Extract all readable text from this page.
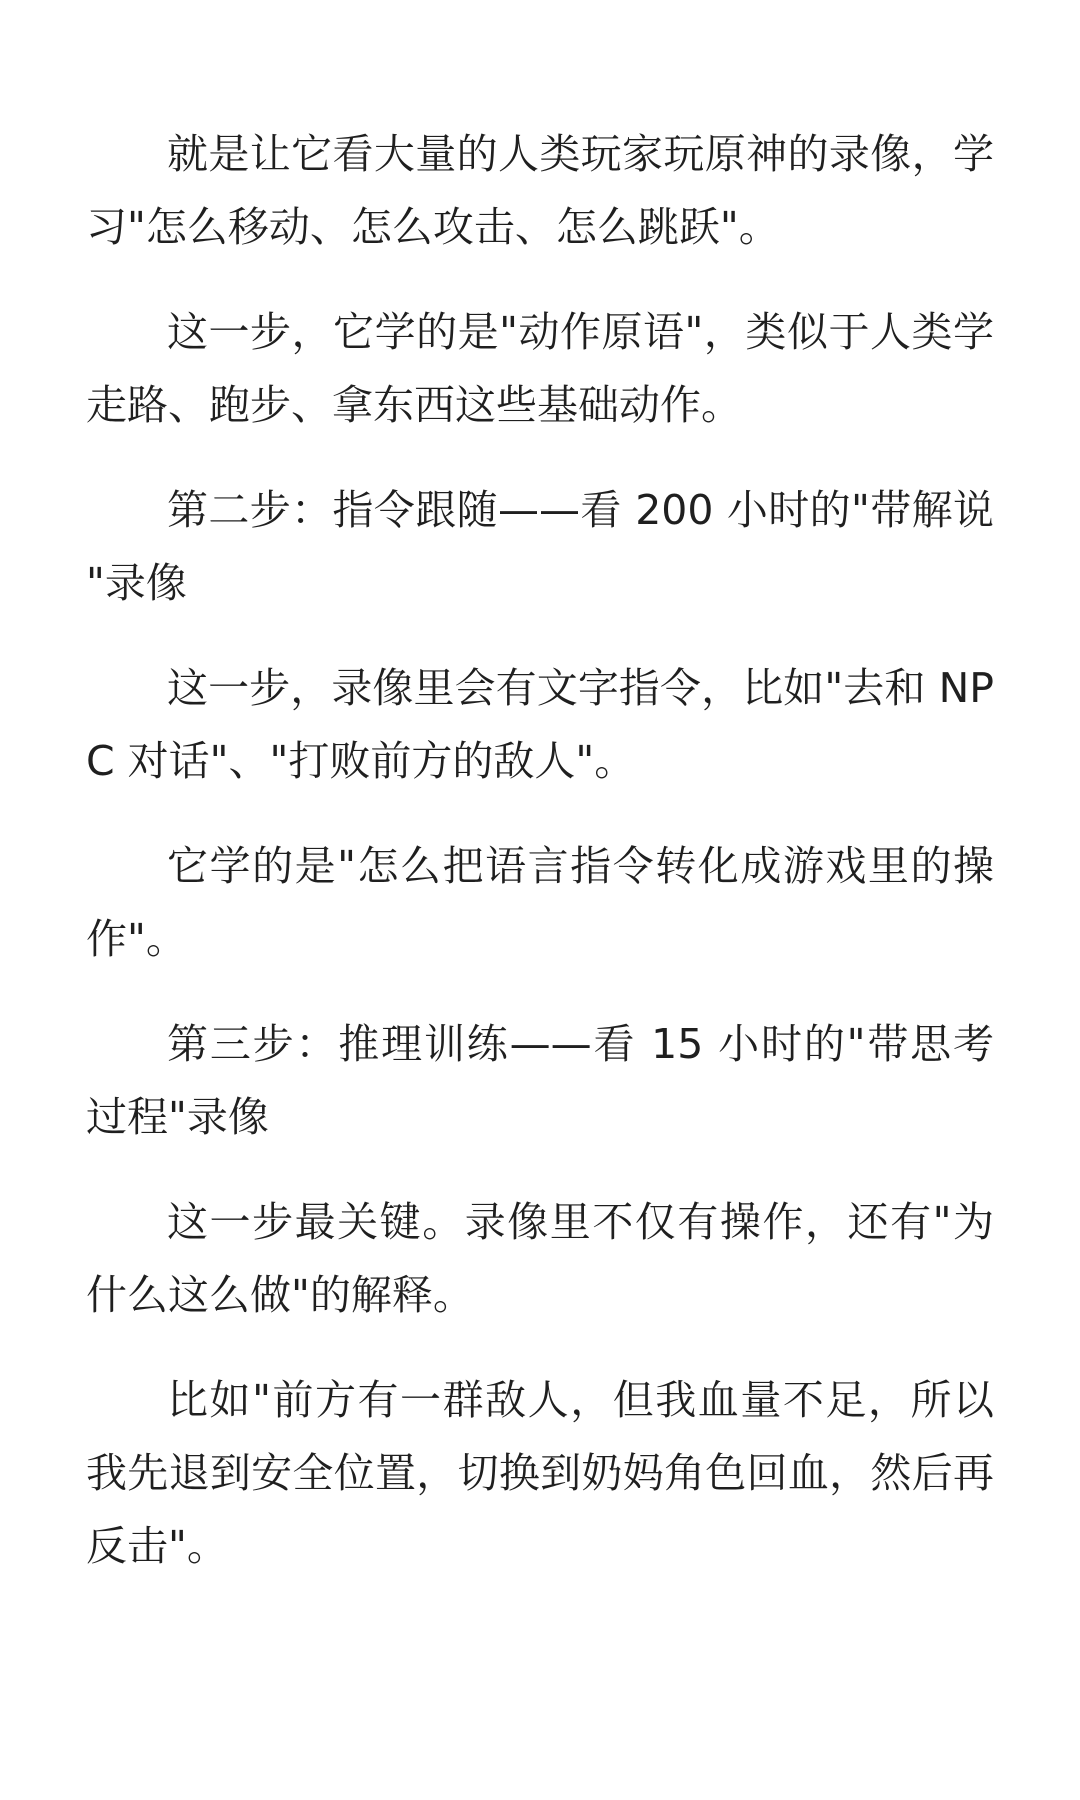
就是让它看大量的人类玩家玩原神的录像，学习"怎么移动、怎么攻击、怎么跳跃"。

这一步，它学的是"动作原语"，类似于人类学走路、跑步、拿东西这些基础动作。

第二步：指令跟随——看 200 小时的"带解说"录像

这一步，录像里会有文字指令，比如"去和 NPC 对话"、"打败前方的敌人"。

它学的是"怎么把语言指令转化成游戏里的操作"。

第三步：推理训练——看 15 小时的"带思考过程"录像

这一步最关键。录像里不仅有操作，还有"为什么这么做"的解释。

比如"前方有一群敌人，但我血量不足，所以我先退到安全位置，切换到奶妈角色回血，然后再反击"。
